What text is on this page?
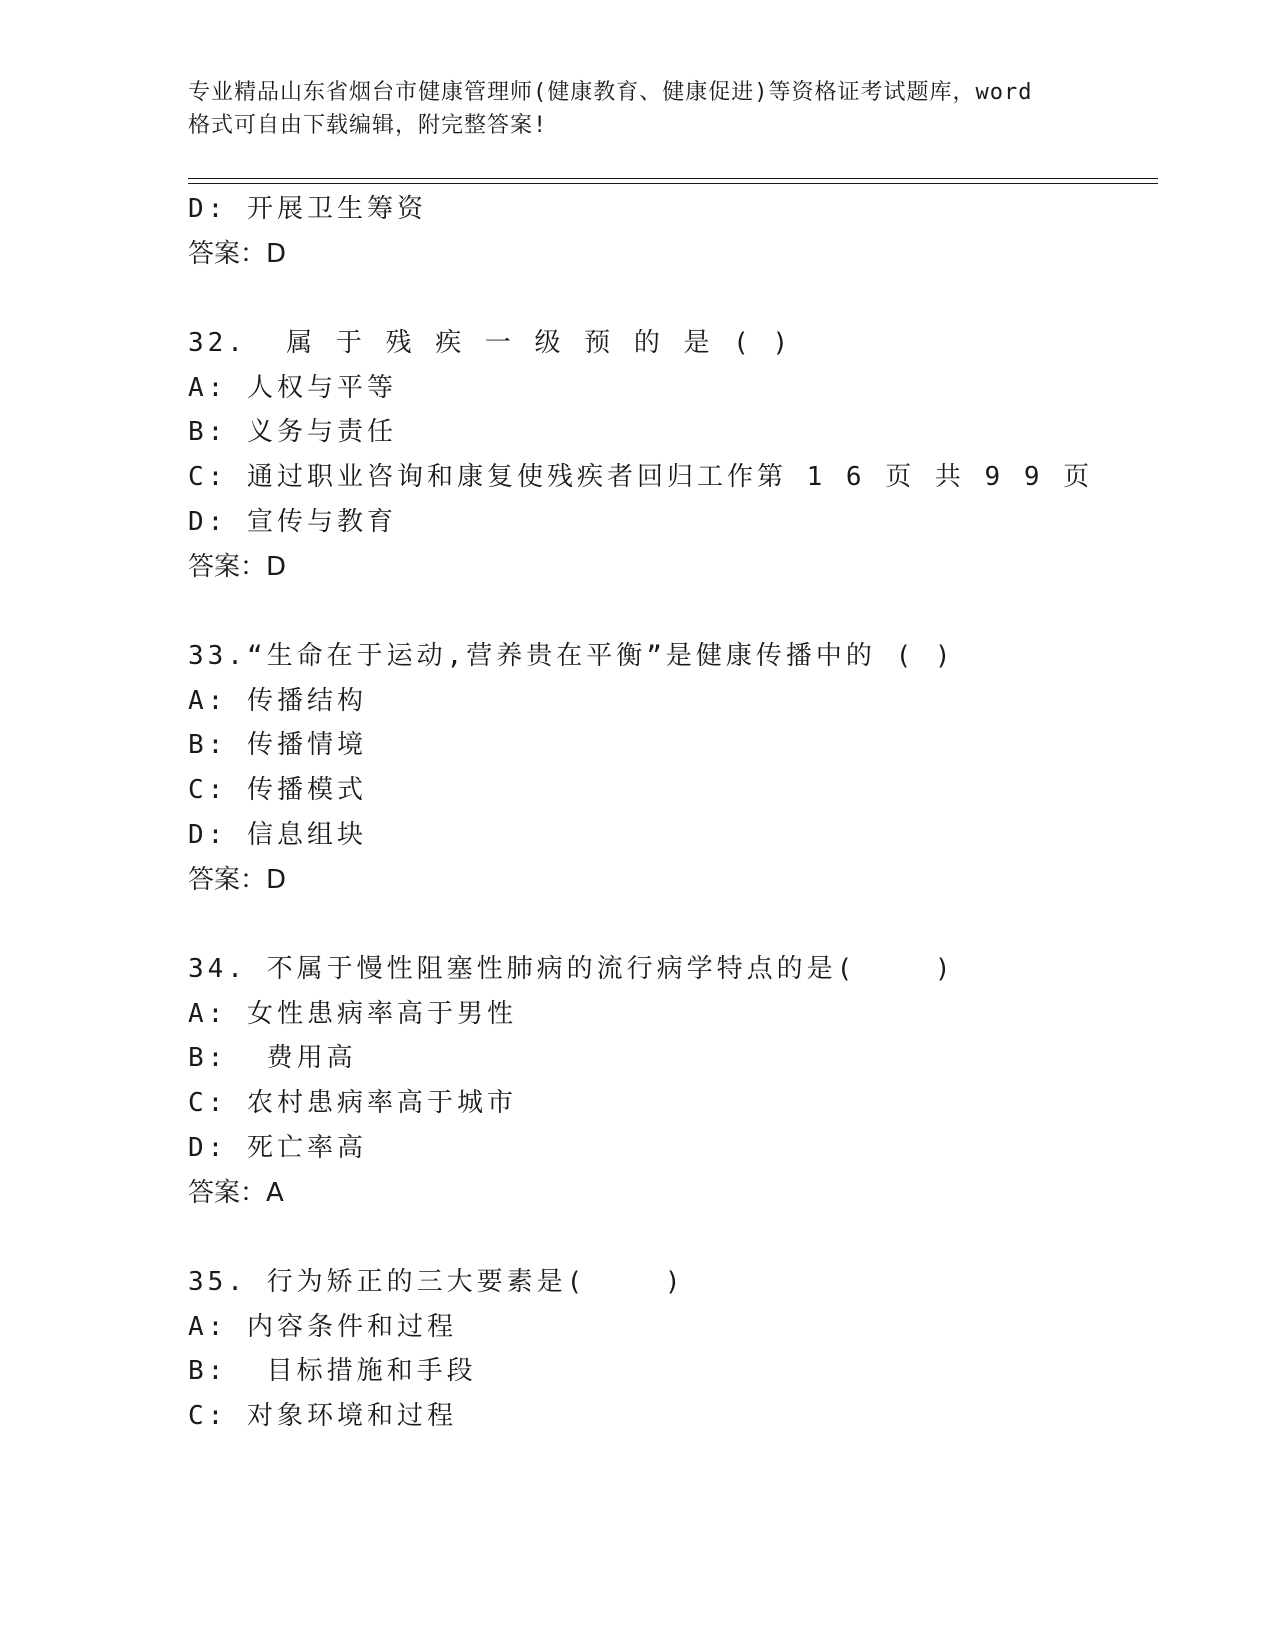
专业精品山东省烟台市健康管理师(健康教育、健康促进)等资格证考试题库，word
格式可自由下载编辑，附完整答案!
D: 开展卫生筹资
答案：D
32.  属 于 残 疾 一 级 预 的 是 ( )
A: 人权与平等
B: 义务与责任
C: 通过职业咨询和康复使残疾者回归工作第 1 6 页 共 9 9 页
D: 宣传与教育
答案：D
33.“生命在于运动,营养贵在平衡”是健康传播中的 ( )
A: 传播结构
B: 传播情境
C: 传播模式
D: 信息组块
答案：D
34. 不属于慢性阻塞性肺病的流行病学特点的是(    )
A: 女性患病率高于男性
B:  费用高
C: 农村患病率高于城市
D: 死亡率高
答案：A
35. 行为矫正的三大要素是(    )
A: 内容条件和过程
B:  目标措施和手段
C: 对象环境和过程
